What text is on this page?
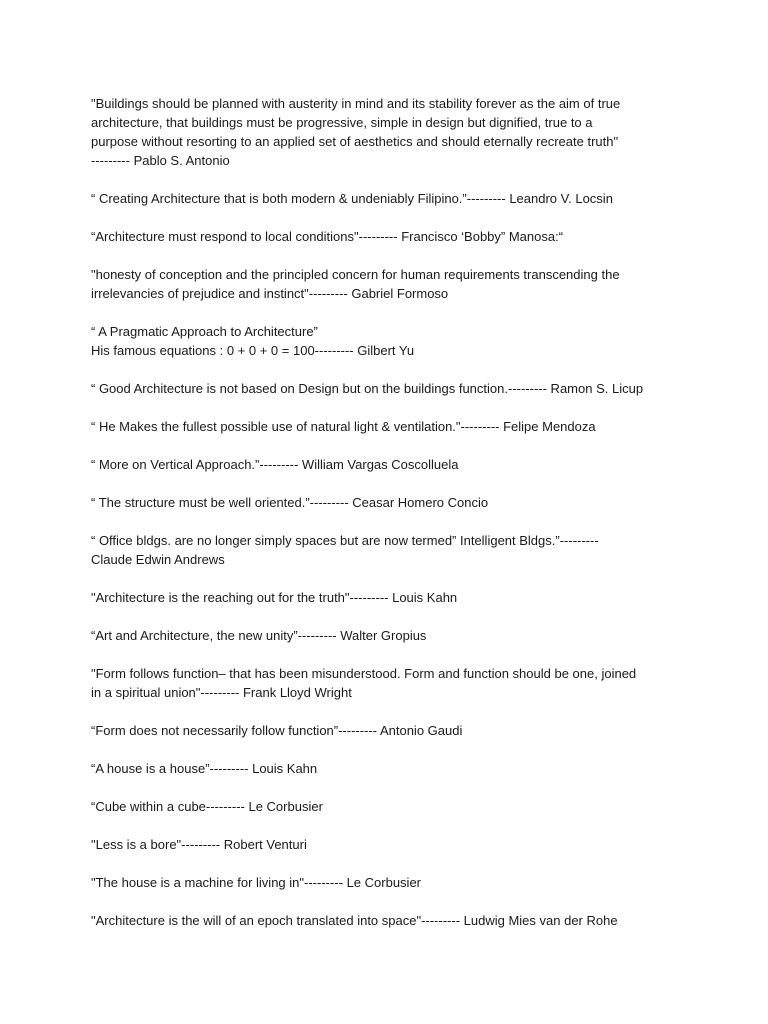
"Buildings should be planned with austerity in mind and its stability forever as the aim of true
architecture, that buildings must be progressive, simple in design but dignified, true to a
purpose without resorting to an applied set of aesthetics and should eternally recreate truth"
--------- Pablo S. Antonio

“ Creating Architecture that is both modern & undeniably Filipino.”--------- Leandro V. Locsin

“Architecture must respond to local conditions"--------- Francisco ‘Bobby” Manosa:“

"honesty of conception and the principled concern for human requirements transcending the
irrelevancies of prejudice and instinct"--------- Gabriel Formoso

“ A Pragmatic Approach to Architecture”
His famous equations : 0 + 0 + 0 = 100--------- Gilbert Yu

“ Good Architecture is not based on Design but on the buildings function.--------- Ramon S. Licup

“ He Makes the fullest possible use of natural light & ventilation."--------- Felipe Mendoza

“ More on Vertical Approach.”--------- William Vargas Coscolluela

“ The structure must be well oriented.”--------- Ceasar Homero Concio

“ Office bldgs. are no longer simply spaces but are now termed” Intelligent Bldgs.”---------
Claude Edwin Andrews

"Architecture is the reaching out for the truth"--------- Louis Kahn

“Art and Architecture, the new unity”--------- Walter Gropius

"Form follows function– that has been misunderstood. Form and function should be one, joined
in a spiritual union"--------- Frank Lloyd Wright

“Form does not necessarily follow function”--------- Antonio Gaudi

“A house is a house”--------- Louis Kahn

“Cube within a cube--------- Le Corbusier

"Less is a bore"--------- Robert Venturi

"The house is a machine for living in"--------- Le Corbusier

"Architecture is the will of an epoch translated into space"--------- Ludwig Mies van der Rohe
